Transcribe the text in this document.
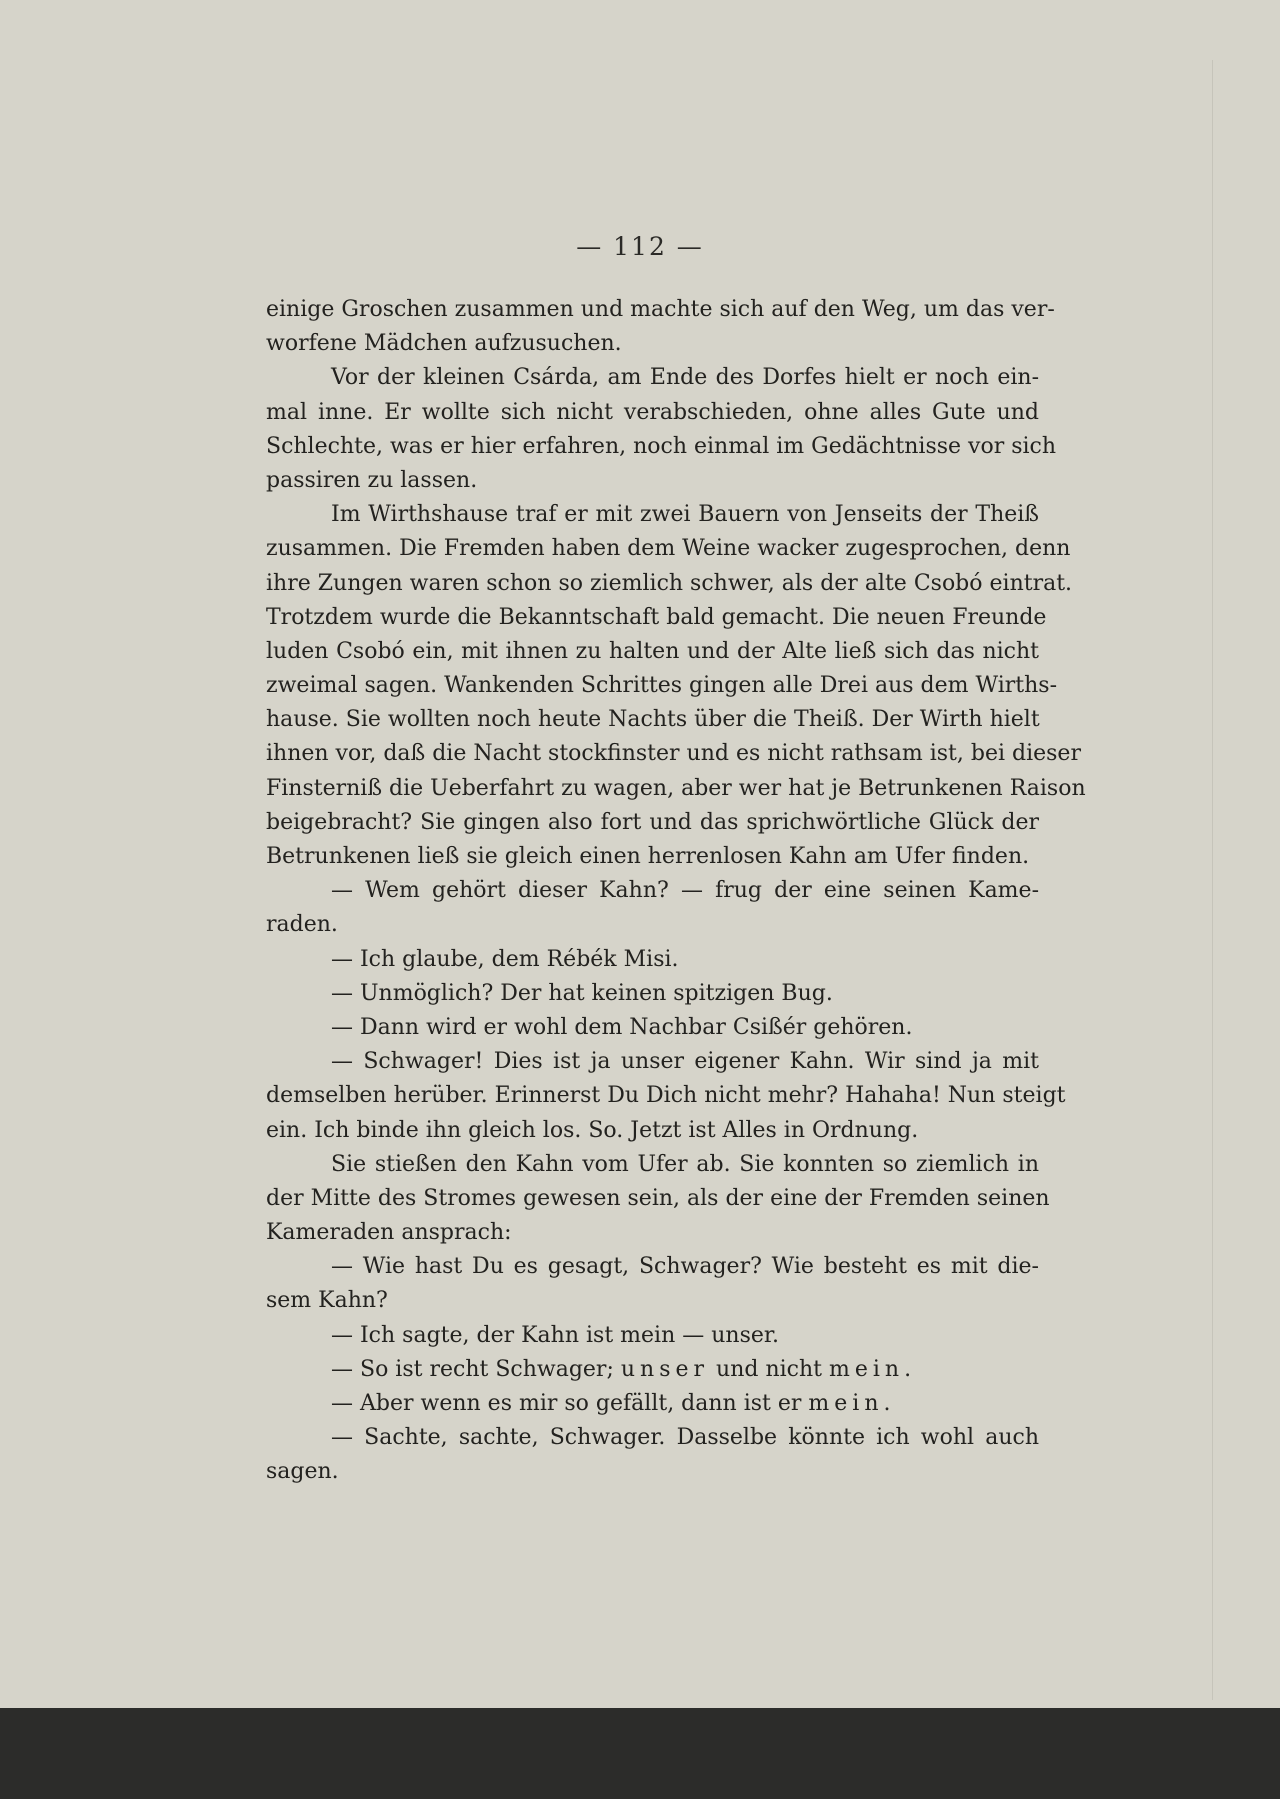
— 112 —
einige Groschen zusammen und machte sich auf den Weg, um das ver-
worfene Mädchen aufzusuchen.
Vor der kleinen Csárda, am Ende des Dorfes hielt er noch ein-
mal inne. Er wollte sich nicht verabschieden, ohne alles Gute und
Schlechte, was er hier erfahren, noch einmal im Gedächtnisse vor sich
passiren zu lassen.
Im Wirthshause traf er mit zwei Bauern von Jenseits der Theiß
zusammen. Die Fremden haben dem Weine wacker zugesprochen, denn
ihre Zungen waren schon so ziemlich schwer, als der alte Csobó eintrat.
Trotzdem wurde die Bekanntschaft bald gemacht. Die neuen Freunde
luden Csobó ein, mit ihnen zu halten und der Alte ließ sich das nicht
zweimal sagen. Wankenden Schrittes gingen alle Drei aus dem Wirths-
hause. Sie wollten noch heute Nachts über die Theiß. Der Wirth hielt
ihnen vor, daß die Nacht stockfinster und es nicht rathsam ist, bei dieser
Finsterniß die Ueberfahrt zu wagen, aber wer hat je Betrunkenen Raison
beigebracht? Sie gingen also fort und das sprichwörtliche Glück der
Betrunkenen ließ sie gleich einen herrenlosen Kahn am Ufer finden.
— Wem gehört dieser Kahn? — frug der eine seinen Kame-
raden.
— Ich glaube, dem Rébék Misi.
— Unmöglich? Der hat keinen spitzigen Bug.
— Dann wird er wohl dem Nachbar Csißér gehören.
— Schwager! Dies ist ja unser eigener Kahn. Wir sind ja mit
demselben herüber. Erinnerst Du Dich nicht mehr? Hahaha! Nun steigt
ein. Ich binde ihn gleich los. So. Jetzt ist Alles in Ordnung.
Sie stießen den Kahn vom Ufer ab. Sie konnten so ziemlich in
der Mitte des Stromes gewesen sein, als der eine der Fremden seinen
Kameraden ansprach:
— Wie hast Du es gesagt, Schwager? Wie besteht es mit die-
sem Kahn?
— Ich sagte, der Kahn ist mein — unser.
— So ist recht Schwager; unser und nicht mein.
— Aber wenn es mir so gefällt, dann ist er mein.
— Sachte, sachte, Schwager. Dasselbe könnte ich wohl auch
sagen.
